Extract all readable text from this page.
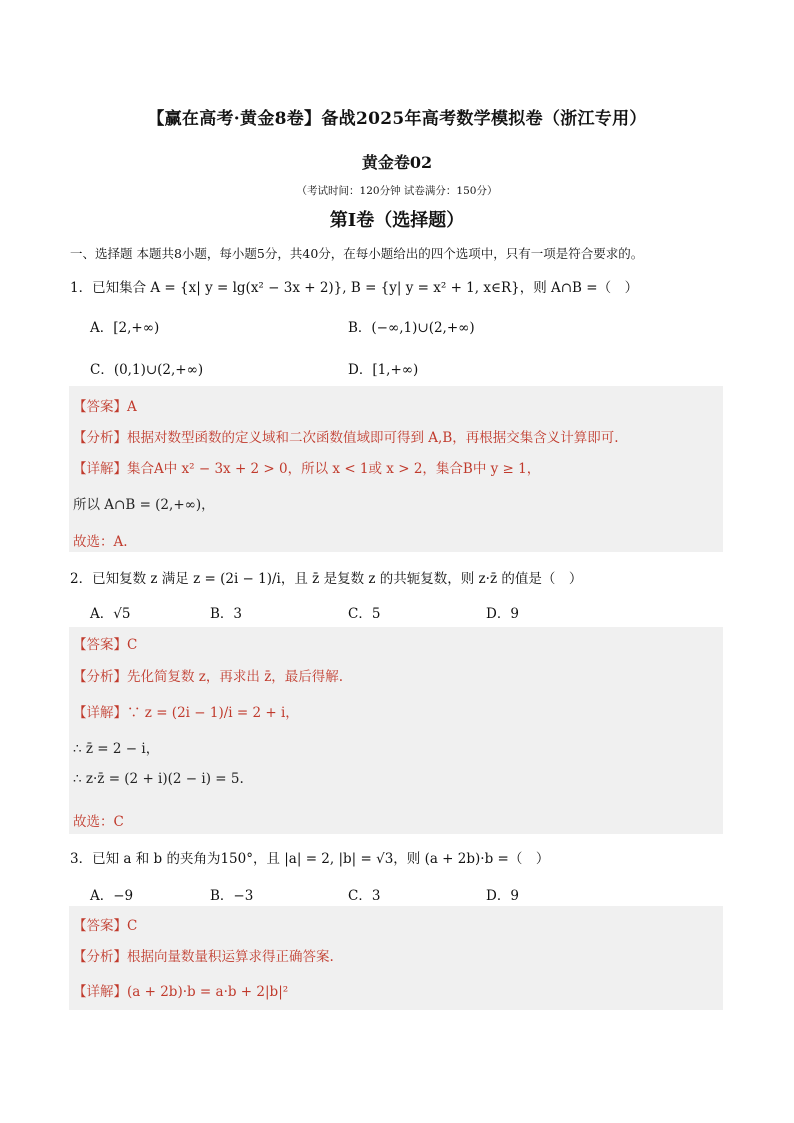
【赢在高考·黄金8卷】备战2025年高考数学模拟卷（浙江专用）
黄金卷02
（考试时间：120分钟 试卷满分：150分）
第I卷（选择题）
一、选择题 本题共8小题，每小题5分，共40分，在每小题给出的四个选项中，只有一项是符合要求的。
1．已知集合 A = {x| y = lg(x² − 3x + 2)}, B = {y| y = x² + 1, x∈R}，则 A∩B =（　）
A．[2,+∞)	B．(−∞,1)∪(2,+∞)
C．(0,1)∪(2,+∞)	D．[1,+∞)
【答案】A
【分析】根据对数型函数的定义域和二次函数值域即可得到 A,B，再根据交集含义计算即可.
【详解】集合A中 x² − 3x + 2 > 0，所以 x < 1或 x > 2，集合B中 y ≥ 1，
所以 A∩B = (2,+∞)，
故选：A.
2．已知复数 z 满足 z = (2i − 1)/i，且 z̄ 是复数 z 的共轭复数，则 z·z̄ 的值是（　）
A．√5	B．3	C．5	D．9
【答案】C
【分析】先化简复数 z，再求出 z̄，最后得解.
【详解】∵ z = (2i − 1)/i = 2 + i，
∴ z̄ = 2 − i，
∴ z·z̄ = (2 + i)(2 − i) = 5.
故选：C
3．已知 a 和 b 的夹角为150°，且 |a| = 2, |b| = √3，则 (a + 2b)·b =（　）
A．−9	B．−3	C．3	D．9
【答案】C
【分析】根据向量数量积运算求得正确答案.
【详解】(a + 2b)·b = a·b + 2|b|²
